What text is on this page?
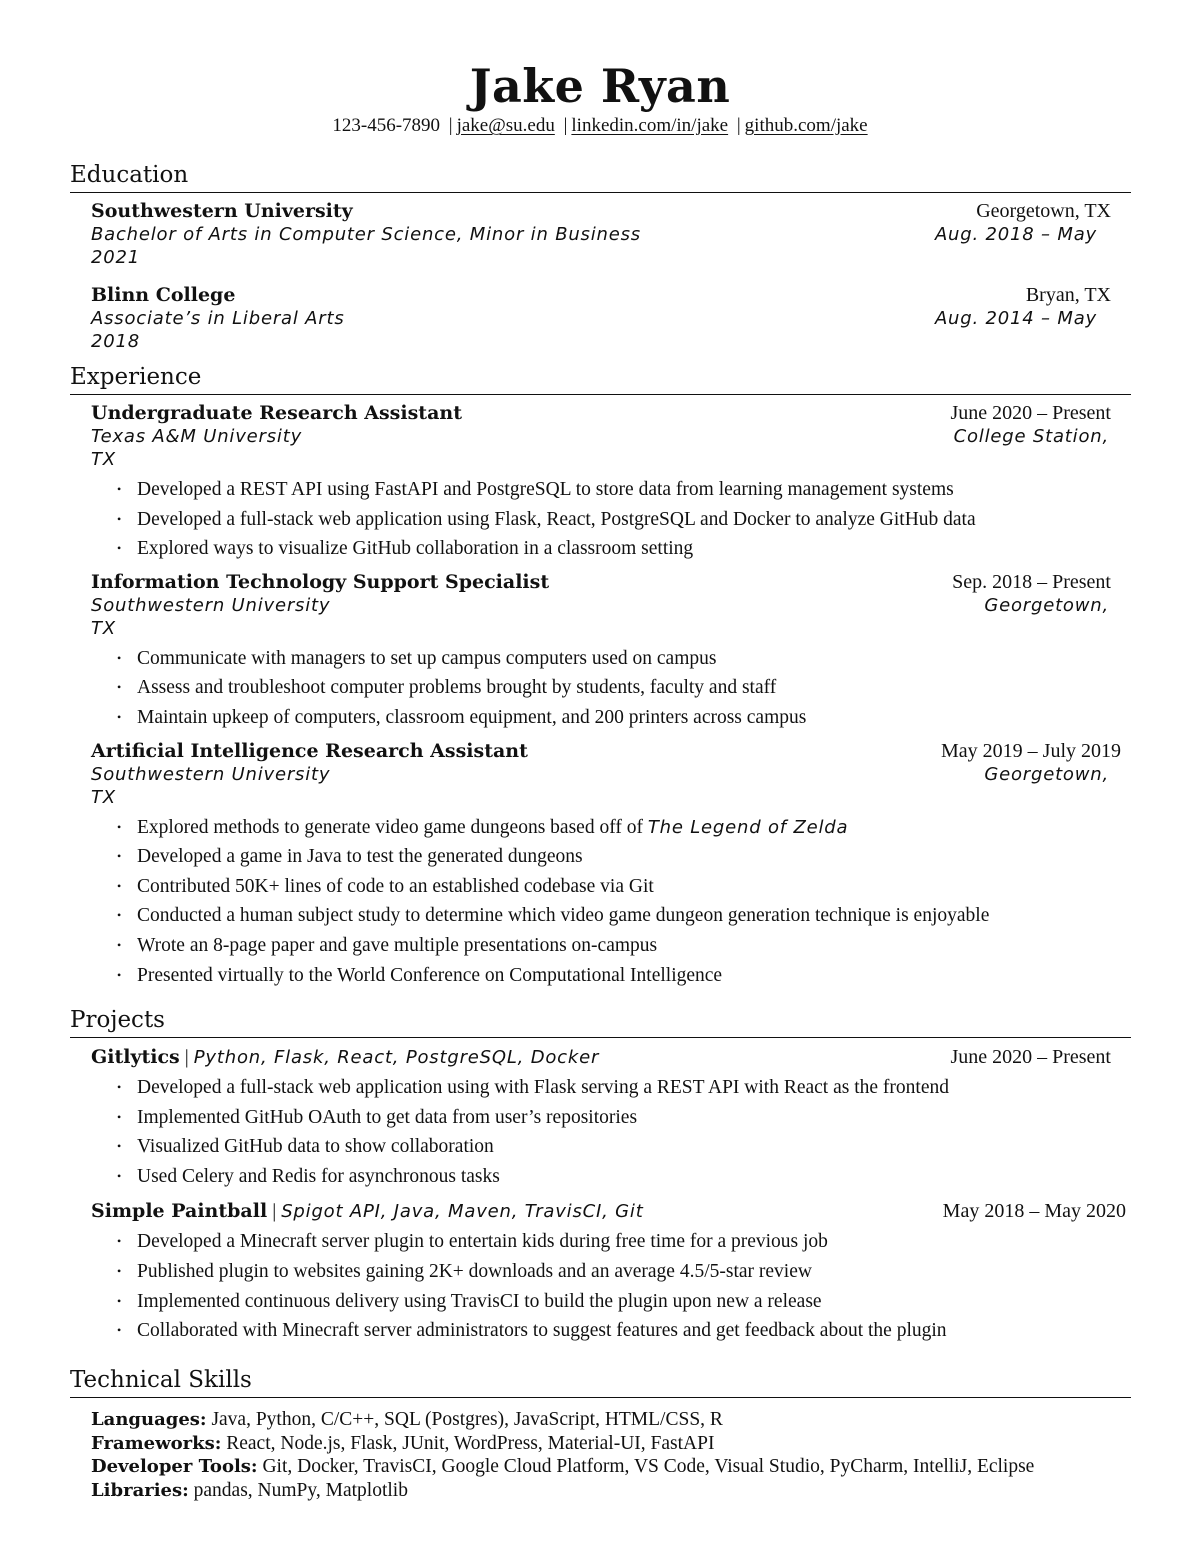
Jake Ryan
123-456-7890 | jake@su.edu | linkedin.com/in/jake | github.com/jake
Education
Southwestern University	Georgetown, TX
Bachelor of Arts in Computer Science, Minor in Business	Aug. 2018 – May
2021
Blinn College	Bryan, TX
Associate’s in Liberal Arts	Aug. 2014 – May
2018
Experience
Undergraduate Research Assistant	June 2020 – Present
Texas A&M University	College Station,
TX
• Developed a REST API using FastAPI and PostgreSQL to store data from learning management systems
• Developed a full-stack web application using Flask, React, PostgreSQL and Docker to analyze GitHub data
• Explored ways to visualize GitHub collaboration in a classroom setting
Information Technology Support Specialist	Sep. 2018 – Present
Southwestern University	Georgetown,
TX
• Communicate with managers to set up campus computers used on campus
• Assess and troubleshoot computer problems brought by students, faculty and staff
• Maintain upkeep of computers, classroom equipment, and 200 printers across campus
Artificial Intelligence Research Assistant	May 2019 – July 2019
Southwestern University	Georgetown,
TX
• Explored methods to generate video game dungeons based off of The Legend of Zelda
• Developed a game in Java to test the generated dungeons
• Contributed 50K+ lines of code to an established codebase via Git
• Conducted a human subject study to determine which video game dungeon generation technique is enjoyable
• Wrote an 8-page paper and gave multiple presentations on-campus
• Presented virtually to the World Conference on Computational Intelligence
Projects
Gitlytics | Python, Flask, React, PostgreSQL, Docker	June 2020 – Present
• Developed a full-stack web application using with Flask serving a REST API with React as the frontend
• Implemented GitHub OAuth to get data from user’s repositories
• Visualized GitHub data to show collaboration
• Used Celery and Redis for asynchronous tasks
Simple Paintball | Spigot API, Java, Maven, TravisCI, Git	May 2018 – May 2020
• Developed a Minecraft server plugin to entertain kids during free time for a previous job
• Published plugin to websites gaining 2K+ downloads and an average 4.5/5-star review
• Implemented continuous delivery using TravisCI to build the plugin upon new a release
• Collaborated with Minecraft server administrators to suggest features and get feedback about the plugin
Technical Skills
Languages: Java, Python, C/C++, SQL (Postgres), JavaScript, HTML/CSS, R
Frameworks: React, Node.js, Flask, JUnit, WordPress, Material-UI, FastAPI
Developer Tools: Git, Docker, TravisCI, Google Cloud Platform, VS Code, Visual Studio, PyCharm, IntelliJ, Eclipse
Libraries: pandas, NumPy, Matplotlib
